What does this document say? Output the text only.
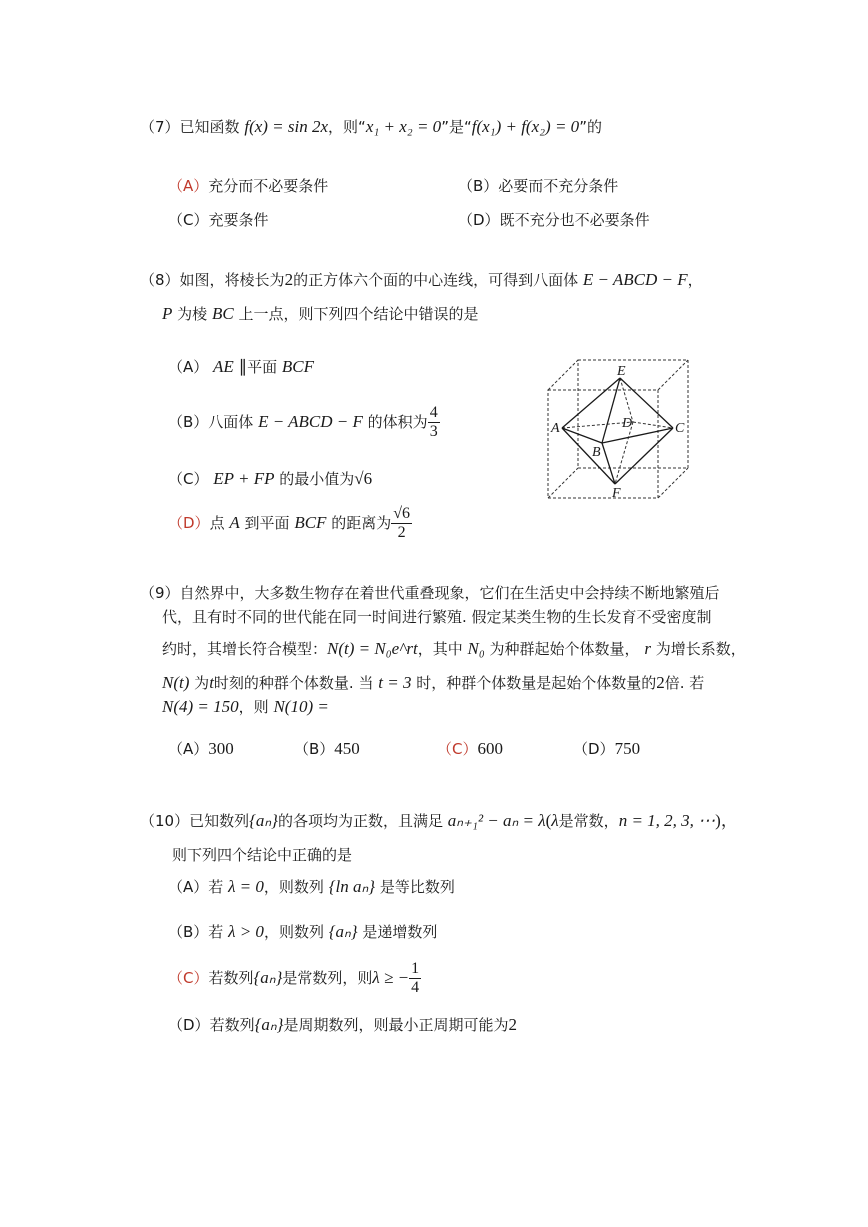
（7）已知函数 f(x) = sin 2x，则“x₁ + x₂ = 0”是“f(x₁) + f(x₂) = 0”的
（A）充分而不必要条件	（B）必要而不充分条件
（C）充要条件	（D）既不充分也不必要条件
（8）如图，将棱长为2的正方体六个面的中心连线，可得到八面体 E − ABCD − F，
P 为棱 BC 上一点，则下列四个结论中错误的是
（A） AE ∥平面 BCF
（B）八面体 E − ABCD − F 的体积为 $\frac{4}{3}$
（C） EP + FP 的最小值为√6
（D）点 A 到平面 BCF 的距离为 $\frac{√6}{2}$
E
A	D	C
B
F
（9）自然界中，大多数生物存在着世代重叠现象，它们在生活史中会持续不断地繁殖后
代，且有时不同的世代能在同一时间进行繁殖. 假定某类生物的生长发育不受密度制
约时，其增长符合模型：N(t) = N₀e^rt，其中 N₀ 为种群起始个体数量， r 为增长系数，
N(t) 为t时刻的种群个体数量. 当 t = 3 时，种群个体数量是起始个体数量的2倍. 若
N(4) = 150，则 N(10) =
（A）300	（B）450	（C）600	（D）750
（10）已知数列{aₙ}的各项均为正数，且满足 aₙ₊₁² − aₙ = λ(λ是常数，n = 1, 2, 3, ⋯)，
则下列四个结论中正确的是
（A）若 λ = 0，则数列 {ln aₙ} 是等比数列
（B）若 λ > 0，则数列 {aₙ} 是递增数列
（C）若数列{aₙ}是常数列，则λ ≥ − $\frac{1}{4}$
（D）若数列{aₙ}是周期数列，则最小正周期可能为2
